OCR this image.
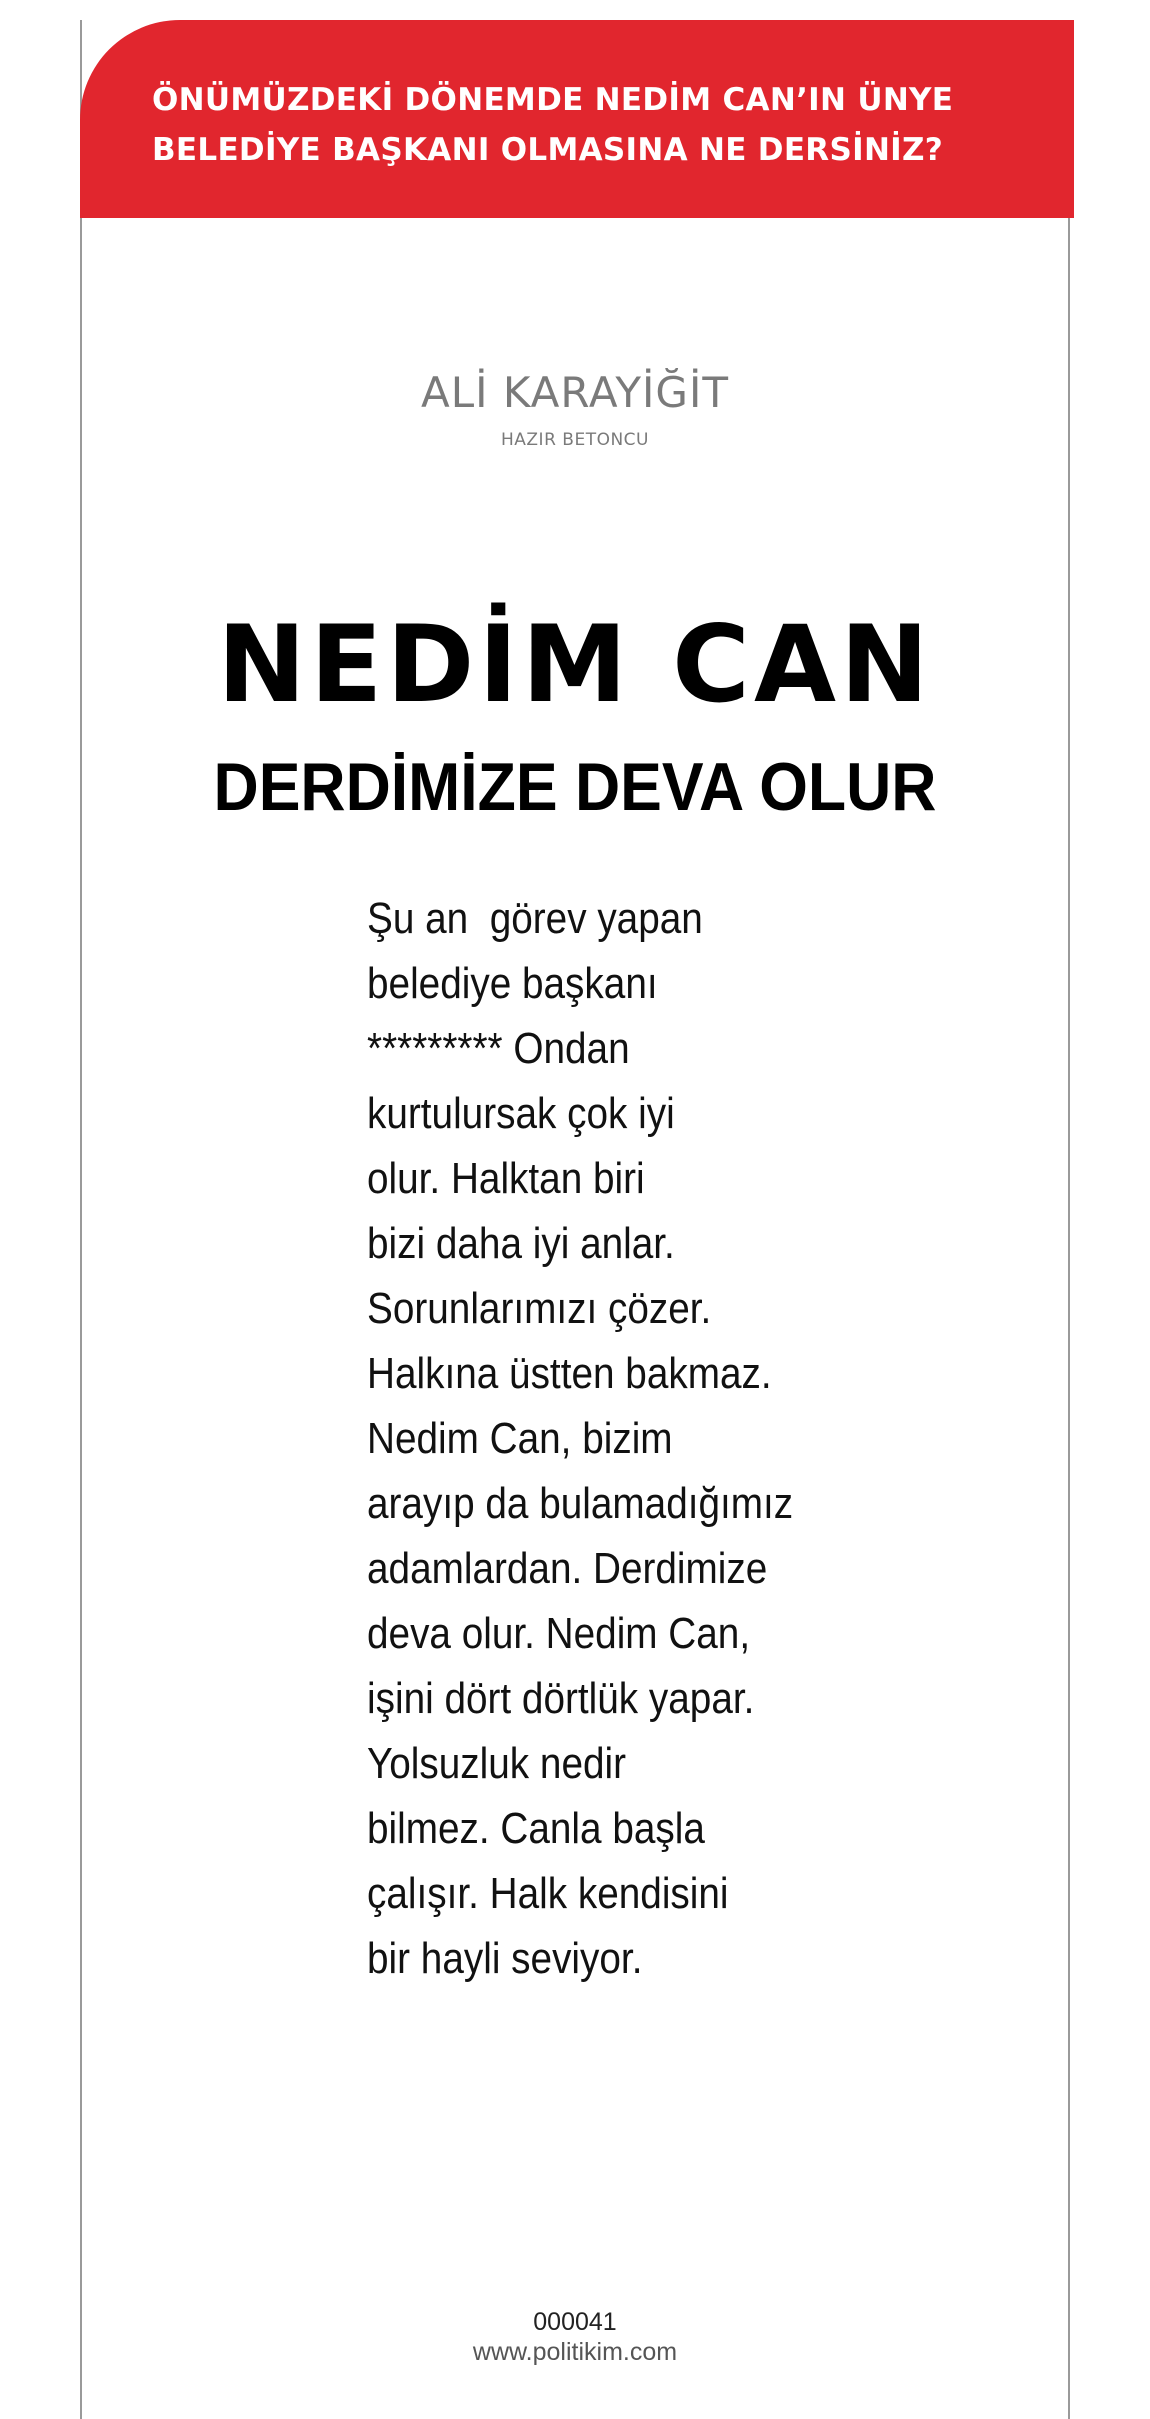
ÖNÜMÜZDEKİ DÖNEMDE NEDİM CAN’IN ÜNYE
BELEDİYE BAŞKANI OLMASINA NE DERSİNİZ?
ALİ KARAYİĞİT
HAZIR BETONCU
NEDİM CAN
DERDİMİZE DEVA OLUR
Şu an  görev yapan
belediye başkanı
********* Ondan
kurtulursak çok iyi
olur. Halktan biri
bizi daha iyi anlar.
Sorunlarımızı çözer.
Halkına üstten bakmaz.
Nedim Can, bizim
arayıp da bulamadığımız
adamlardan. Derdimize
deva olur. Nedim Can,
işini dört dörtlük yapar.
Yolsuzluk nedir
bilmez. Canla başla
çalışır. Halk kendisini
bir hayli seviyor.
000041
www.politikim.com
